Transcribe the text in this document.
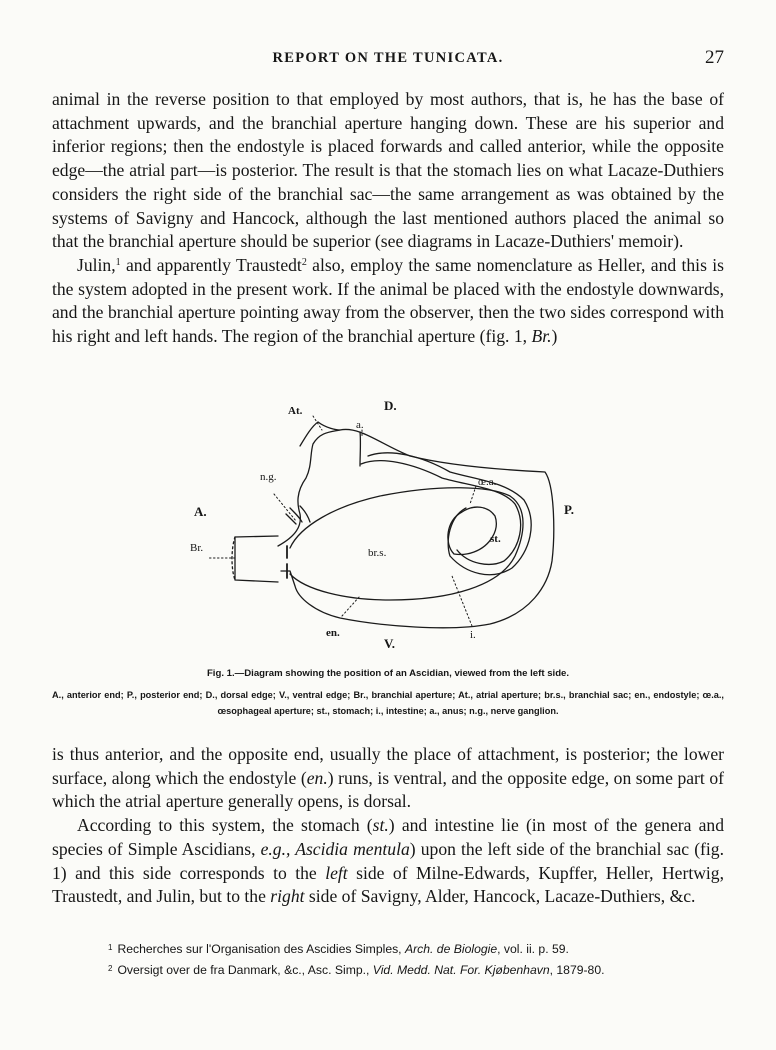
REPORT ON THE TUNICATA.	27

animal in the reverse position to that employed by most authors, that is, he has the base of attachment upwards, and the branchial aperture hanging down. These are his superior and inferior regions; then the endostyle is placed forwards and called anterior, while the opposite edge—the atrial part—is posterior. The result is that the stomach lies on what Lacaze-Duthiers considers the right side of the branchial sac—the same arrangement as was obtained by the systems of Savigny and Hancock, although the last mentioned authors placed the animal so that the branchial aperture should be superior (see diagrams in Lacaze-Duthiers' memoir).

Julin,$^1$ and apparently Traustedt$^2$ also, employ the same nomenclature as Heller, and this is the system adopted in the present work. If the animal be placed with the endostyle downwards, and the branchial aperture pointing away from the observer, then the two sides correspond with his right and left hands. The region of the branchial aperture (fig. 1, Br.)

D.
V.
A.	P.
At.
a.
n.g.	œ.a.
st.
br.s.
Br.
en.	i.
Fig. 1.—Diagram showing the position of an Ascidian, viewed from the left side.
A., anterior end; P., posterior end; D., dorsal edge; V., ventral edge; Br., branchial aperture; At., atrial aperture; br.s., branchial sac; en., endostyle; œ.a., œsophageal aperture; st., stomach; i., intestine; a., anus; n.g., nerve ganglion.

is thus anterior, and the opposite end, usually the place of attachment, is posterior; the lower surface, along which the endostyle (en.) runs, is ventral, and the opposite edge, on some part of which the atrial aperture generally opens, is dorsal.

According to this system, the stomach (st.) and intestine lie (in most of the genera and species of Simple Ascidians, e.g., Ascidia mentula) upon the left side of the branchial sac (fig. 1) and this side corresponds to the left side of Milne-Edwards, Kupffer, Heller, Hertwig, Traustedt, and Julin, but to the right side of Savigny, Alder, Hancock, Lacaze-Duthiers, &c.

$^1$ Recherches sur l'Organisation des Ascidies Simples, Arch. de Biologie, vol. ii. p. 59.
$^2$ Oversigt over de fra Danmark, &c., Asc. Simp., Vid. Medd. Nat. For. Kjøbenhavn, 1879-80.
